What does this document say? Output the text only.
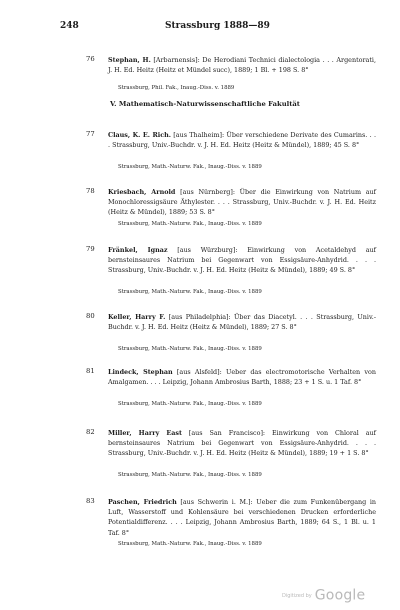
248	Strassburg 1888—89
76 Stephan, H. [Arbarnensis]: De Herodiani Technici dialectologia . . . Argentorati, J. H. Ed. Heitz (Heitz et Mündel succ), 1889; 1 Bl. + 198 S. 8°
Strassburg, Phil. Fak., Inaug.-Diss. v. 1889
V. Mathematisch-Naturwissenschaftliche Fakultät
77 Claus, K. E. Rich. [aus Thalheim]: Über verschiedene Derivate des Cumarins. . . . Strassburg, Univ.-Buchdr. v. J. H. Ed. Heitz (Heitz & Mündel), 1889; 45 S. 8°
Strassburg, Math.-Naturw. Fak., Inaug.-Diss. v. 1889
78 Kriesbach, Arnold [aus Nürnberg]: Über die Einwirkung von Natrium auf Monochloressigsäure Äthylester. . . . Strassburg, Univ.-Buchdr. v. J. H. Ed. Heitz (Heitz & Mündel), 1889; 53 S. 8°
Strassburg, Math.-Naturw. Fak., Inaug.-Diss. v. 1889
79 Fränkel, Ignaz [aus Würzburg]: Einwirkung von Acetaldehyd auf bernsteinsaures Natrium bei Gegenwart von Essigsäure-Anhydrid. . . . Strassburg, Univ.-Buchdr. v. J. H. Ed. Heitz (Heitz & Mündel), 1889; 49 S. 8°
Strassburg, Math.-Naturw. Fak., Inaug.-Diss. v. 1889
80 Keller, Harry F. [aus Philadelphia]: Über das Diacetyl. . . . Strassburg, Univ.-Buchdr. v. J. H. Ed. Heitz (Heitz & Mündel), 1889; 27 S. 8°
Strassburg, Math.-Naturw. Fak., Inaug.-Diss. v. 1889
81 Lindeck, Stephan [aus Alsfeld]: Ueber das electromotorische Verhalten von Amalgamen. . . . Leipzig, Johann Ambrosius Barth, 1888; 23 + 1 S. u. 1 Taf. 8°
Strassburg, Math.-Naturw. Fak., Inaug.-Diss. v. 1889
82 Miller, Harry East [aus San Francisco]: Einwirkung von Chloral auf bernsteinsaures Natrium bei Gegenwart von Essigsäure-Anhydrid. . . . Strassburg, Univ.-Buchdr. v. J. H. Ed. Heitz (Heitz & Mündel), 1889; 19 + 1 S. 8°
Strassburg, Math.-Naturw. Fak., Inaug.-Diss. v. 1889
83 Paschen, Friedrich [aus Schwerin i. M.]: Ueber die zum Funkenübergang in Luft, Wasserstoff und Kohlensäure bei verschiedenen Drucken erforderliche Potentialdifferenz. . . . Leipzig, Johann Ambrosius Barth, 1889; 64 S., 1 Bl. u. 1 Taf. 8°
Strassburg, Math.-Naturw. Fak., Inaug.-Diss. v. 1889
Digitized by Google
